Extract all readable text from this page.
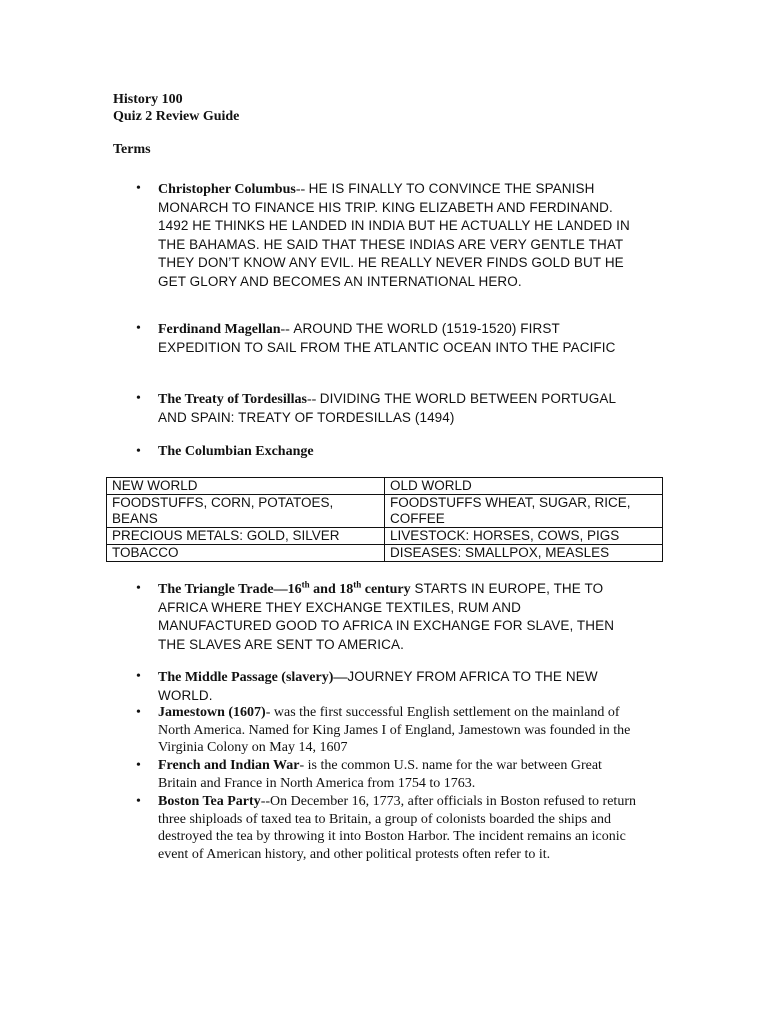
History 100
Quiz 2 Review Guide
Terms
•	Christopher Columbus-- HE IS FINALLY TO CONVINCE THE SPANISH MONARCH TO FINANCE HIS TRIP. KING ELIZABETH AND FERDINAND. 1492 HE THINKS HE LANDED IN INDIA BUT HE ACTUALLY HE LANDED IN THE BAHAMAS. HE SAID THAT THESE INDIAS ARE VERY GENTLE THAT THEY DON’T KNOW ANY EVIL. HE REALLY NEVER FINDS GOLD BUT HE GET GLORY AND BECOMES AN INTERNATIONAL HERO.
•	Ferdinand Magellan-- AROUND THE WORLD (1519-1520) FIRST EXPEDITION TO SAIL FROM THE ATLANTIC OCEAN INTO THE PACIFIC
•	The Treaty of Tordesillas-- DIVIDING THE WORLD BETWEEN PORTUGAL AND SPAIN: TREATY OF TORDESILLAS (1494)
•	The Columbian Exchange
NEW WORLD	OLD WORLD
FOODSTUFFS, CORN, POTATOES, BEANS	FOODSTUFFS WHEAT, SUGAR, RICE, COFFEE
PRECIOUS METALS: GOLD, SILVER	LIVESTOCK: HORSES, COWS, PIGS
TOBACCO	DISEASES: SMALLPOX, MEASLES
•	The Triangle Trade—16th and 18th century STARTS IN EUROPE, THE TO AFRICA WHERE THEY EXCHANGE TEXTILES, RUM AND MANUFACTURED GOOD TO AFRICA IN EXCHANGE FOR SLAVE, THEN THE SLAVES ARE SENT TO AMERICA.
•	The Middle Passage (slavery)—JOURNEY FROM AFRICA TO THE NEW WORLD.
•	Jamestown (1607)- was the first successful English settlement on the mainland of North America. Named for King James I of England, Jamestown was founded in the Virginia Colony on May 14, 1607
•	French and Indian War- is the common U.S. name for the war between Great Britain and France in North America from 1754 to 1763.
•	Boston Tea Party--On December 16, 1773, after officials in Boston refused to return three shiploads of taxed tea to Britain, a group of colonists boarded the ships and destroyed the tea by throwing it into Boston Harbor. The incident remains an iconic event of American history, and other political protests often refer to it.
